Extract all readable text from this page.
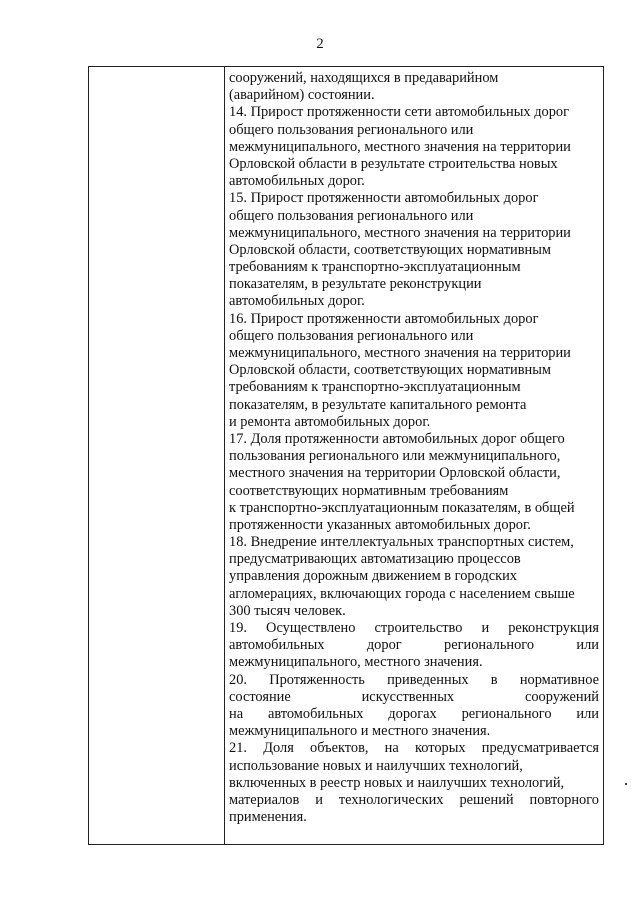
2
сооружений, находящихся в предаварийном
(аварийном) состоянии.
14. Прирост протяженности сети автомобильных дорог
общего пользования регионального или
межмуниципального, местного значения на территории
Орловской области в результате строительства новых
автомобильных дорог.
15. Прирост протяженности автомобильных дорог
общего пользования регионального или
межмуниципального, местного значения на территории
Орловской области, соответствующих нормативным
требованиям к транспортно-эксплуатационным
показателям, в результате реконструкции
автомобильных дорог.
16. Прирост протяженности автомобильных дорог
общего пользования регионального или
межмуниципального, местного значения на территории
Орловской области, соответствующих нормативным
требованиям к транспортно-эксплуатационным
показателям, в результате капитального ремонта
и ремонта автомобильных дорог.
17. Доля протяженности автомобильных дорог общего
пользования регионального или межмуниципального,
местного значения на территории Орловской области,
соответствующих нормативным требованиям
к транспортно-эксплуатационным показателям, в общей
протяженности указанных автомобильных дорог.
18. Внедрение интеллектуальных транспортных систем,
предусматривающих автоматизацию процессов
управления дорожным движением в городских
агломерациях, включающих города с населением свыше
300 тысяч человек.
19. Осуществлено строительство и реконструкция
автомобильных	дорог	регионального	или
межмуниципального, местного значения.
20. Протяженность приведенных в нормативное
состояние	искусственных	сооружений
на автомобильных дорогах регионального или
межмуниципального и местного значения.
21. Доля объектов, на которых предусматривается
использование новых и наилучших технологий,
включенных в реестр новых и наилучших технологий,
материалов и технологических решений повторного
применения.
